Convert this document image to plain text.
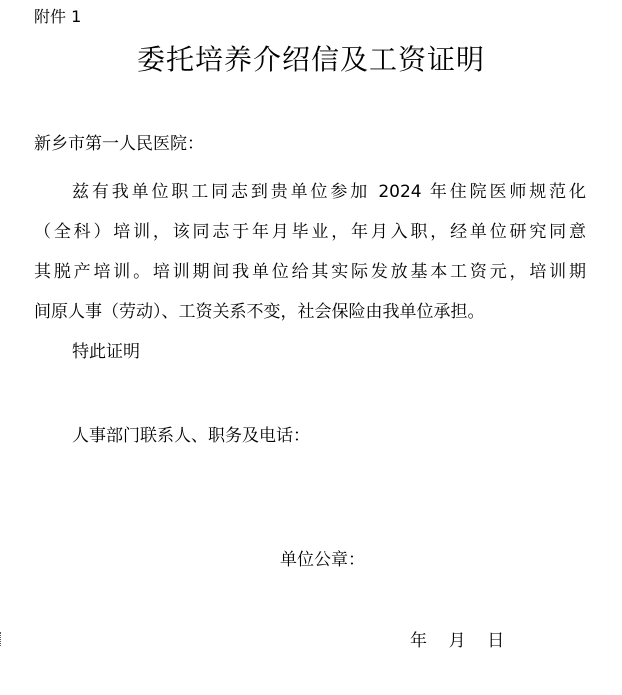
附件 1
委托培养介绍信及工资证明
新乡市第一人民医院：
兹有我单位职工同志到贵单位参加 2024 年住院医师规范化
（全科）培训，该同志于年月毕业，年月入职，经单位研究同意
其脱产培训。培训期间我单位给其实际发放基本工资元，培训期
间原人事（劳动）、工资关系不变，社会保险由我单位承担。
特此证明
人事部门联系人、职务及电话：
单位公章：
年    月    日
